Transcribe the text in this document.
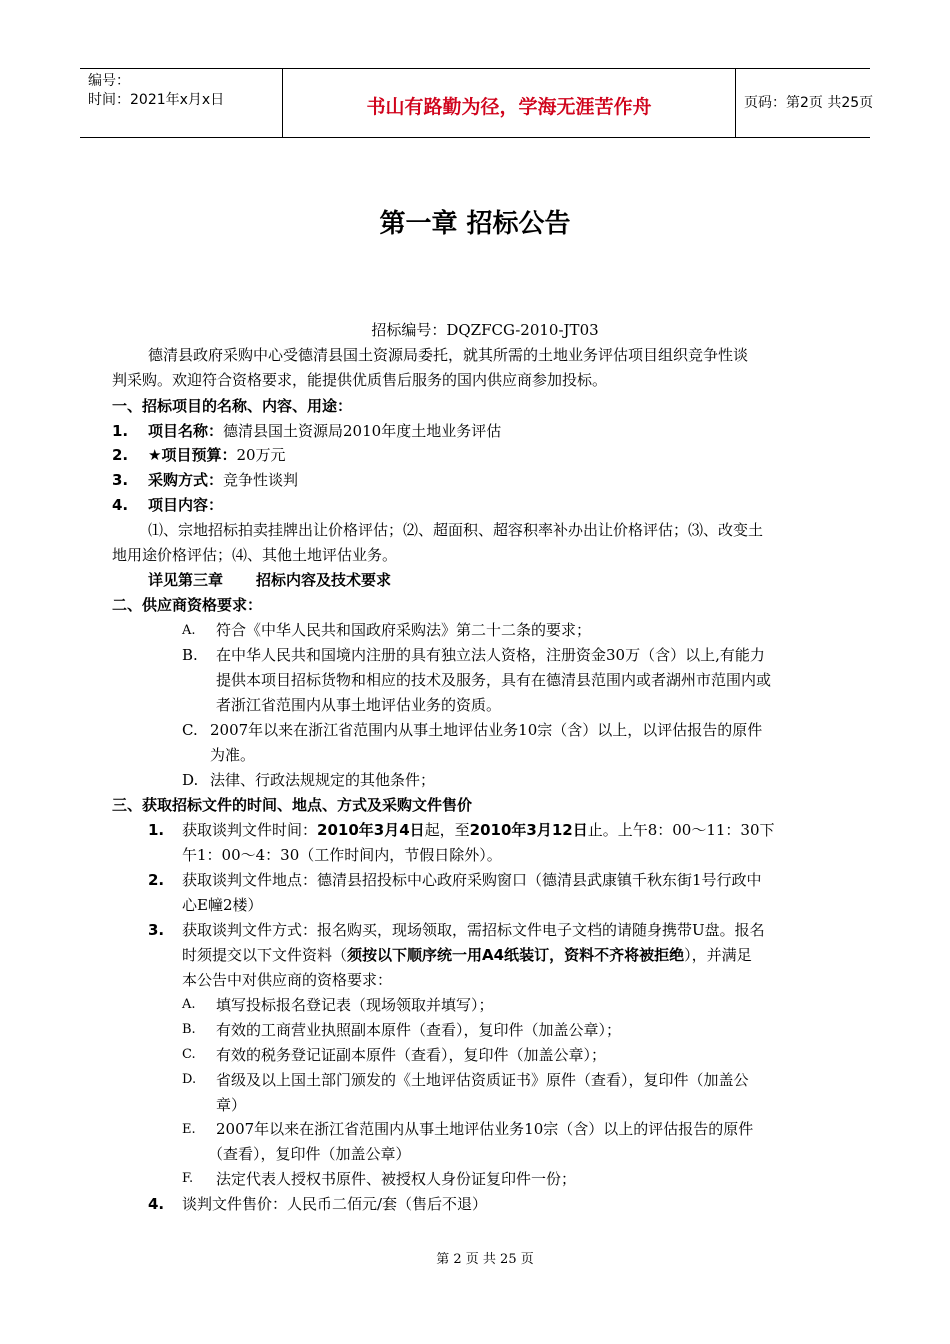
编号：
时间：2021年x月x日	书山有路勤为径，学海无涯苦作舟	页码：第2页 共25页
第一章 招标公告
招标编号：DQZFCG-2010-JT03
德清县政府采购中心受德清县国土资源局委托，就其所需的土地业务评估项目组织竞争性谈
判采购。欢迎符合资格要求，能提供优质售后服务的国内供应商参加投标。
一、招标项目的名称、内容、用途：
1. 项目名称：德清县国土资源局2010年度土地业务评估
2. ★项目预算：20万元
3. 采购方式：竞争性谈判
4. 项目内容：
⑴、宗地招标拍卖挂牌出让价格评估；⑵、超面积、超容积率补办出让价格评估；⑶、改变土
地用途价格评估；⑷、其他土地评估业务。
详见第三章 招标内容及技术要求
二、供应商资格要求：
A. 符合《中华人民共和国政府采购法》第二十二条的要求；
B. 在中华人民共和国境内注册的具有独立法人资格，注册资金30万（含）以上,有能力
提供本项目招标货物和相应的技术及服务，具有在德清县范围内或者湖州市范围内或
者浙江省范围内从事土地评估业务的资质。
C. 2007年以来在浙江省范围内从事土地评估业务10宗（含）以上，以评估报告的原件
为准。
D. 法律、行政法规规定的其他条件；
三、获取招标文件的时间、地点、方式及采购文件售价
1. 获取谈判文件时间：2010年3月4日起，至2010年3月12日止。上午8：00～11：30下
午1：00～4：30（工作时间内，节假日除外）。
2. 获取谈判文件地点：德清县招投标中心政府采购窗口（德清县武康镇千秋东街1号行政中
心E幢2楼）
3. 获取谈判文件方式：报名购买，现场领取，需招标文件电子文档的请随身携带U盘。报名
时须提交以下文件资料（须按以下顺序统一用A4纸装订，资料不齐将被拒绝），并满足
本公告中对供应商的资格要求：
A. 填写投标报名登记表（现场领取并填写）；
B. 有效的工商营业执照副本原件（查看），复印件（加盖公章）；
C. 有效的税务登记证副本原件（查看），复印件（加盖公章）；
D. 省级及以上国土部门颁发的《土地评估资质证书》原件（查看），复印件（加盖公
章）
E. 2007年以来在浙江省范围内从事土地评估业务10宗（含）以上的评估报告的原件
（查看），复印件（加盖公章）
F. 法定代表人授权书原件、被授权人身份证复印件一份；
4. 谈判文件售价：人民币二佰元/套（售后不退）
第 2 页 共 25 页
